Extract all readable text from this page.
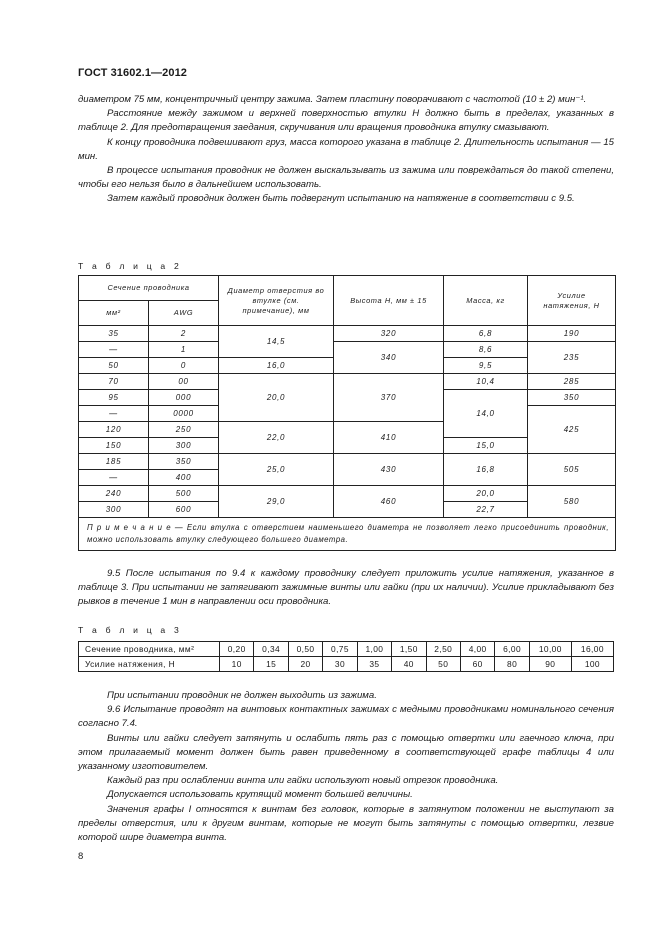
ГОСТ 31602.1—2012

диаметром 75 мм, концентричный центру зажима. Затем пластину поворачивают с частотой (10 ± 2) мин⁻¹.

Расстояние между зажимом и верхней поверхностью втулки H должно быть в пределах, указанных в таблице 2. Для предотвращения заедания, скручивания или вращения проводника втулку смазывают.

К концу проводника подвешивают груз, масса которого указана в таблице 2. Длительность испытания — 15 мин.

В процессе испытания проводник не должен выскальзывать из зажима или повреждаться до такой степени, чтобы его нельзя было в дальнейшем использовать.

Затем каждый проводник должен быть подвергнут испытанию на натяжение в соответствии с 9.5.

Т а б л и ц а 2
Сечение проводника		Диаметр отверстия во втулке (см. примечание), мм	Высота H, мм ± 15	Масса, кг	Усилие натяжения, Н
мм²	AWG				
35	2	14,5	320	6,8	190
—	1		340	8,6	235
50	0	16,0		9,5	
70	00	20,0	370	10,4	285
95	000			14,0	350
—	0000				425
120	250	22,0	410		
150	300			15,0	
185	350	25,0	430	16,8	505
—	400				
240	500	29,0	460	20,0	580
300	600			22,7	
П р и м е ч а н и е — Если втулка с отверстием наименьшего диаметра не позволяет легко присоединить проводник, можно использовать втулку следующего большего диаметра.					

9.5 После испытания по 9.4 к каждому проводнику следует приложить усилие натяжения, указанное в таблице 3. При испытании не затягивают зажимные винты или гайки (при их наличии). Усилие прикладывают без рывков в течение 1 мин в направлении оси проводника.

Т а б л и ц а 3
Сечение проводника, мм²	0,20	0,34	0,50	0,75	1,00	1,50	2,50	4,00	6,00	10,00	16,00
Усилие натяжения, Н	10	15	20	30	35	40	50	60	80	90	100

При испытании проводник не должен выходить из зажима.

9.6 Испытание проводят на винтовых контактных зажимах с медными проводниками номинального сечения согласно 7.4.

Винты или гайки следует затянуть и ослабить пять раз с помощью отвертки или гаечного ключа, при этом прилагаемый момент должен быть равен приведенному в соответствующей графе таблицы 4 или указанному изготовителем.

Каждый раз при ослаблении винта или гайки используют новый отрезок проводника.

Допускается использовать крутящий момент большей величины.

Значения графы I относятся к винтам без головок, которые в затянутом положении не выступают за пределы отверстия, или к другим винтам, которые не могут быть затянуты с помощью отвертки, лезвие которой шире диаметра винта.

8
